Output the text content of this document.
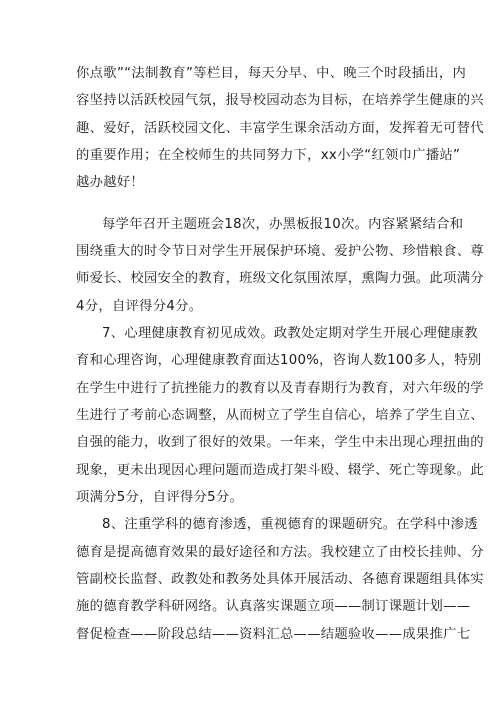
你点歌”“法制教育”等栏目，每天分早、中、晚三个时段插出，内
容坚持以活跃校园气氛，报导校园动态为目标，在培养学生健康的兴
趣、爱好，活跃校园文化、丰富学生课余活动方面，发挥着无可替代
的重要作用；在全校师生的共同努力下，xx小学“红领巾广播站”
越办越好！
每学年召开主题班会18次，办黑板报10次。内容紧紧结合和
围绕重大的时令节日对学生开展保护环境、爱护公物、珍惜粮食、尊
师爱长、校园安全的教育，班级文化氛围浓厚，熏陶力强。此项满分
4分，自评得分4分。
7、心理健康教育初见成效。政教处定期对学生开展心理健康教
育和心理咨询，心理健康教育面达100%，咨询人数100多人，特别
在学生中进行了抗挫能力的教育以及青春期行为教育，对六年级的学
生进行了考前心态调整，从而树立了学生自信心，培养了学生自立、
自强的能力，收到了很好的效果。一年来，学生中未出现心理扭曲的
现象，更未出现因心理问题而造成打架斗殴、辍学、死亡等现象。此
项满分5分，自评得分5分。
8、注重学科的德育渗透，重视德育的课题研究。在学科中渗透
德育是提高德育效果的最好途径和方法。我校建立了由校长挂帅、分
管副校长监督、政教处和教务处具体开展活动、各德育课题组具体实
施的德育教学科研网络。认真落实课题立项——制订课题计划——
督促检查——阶段总结——资料汇总——结题验收——成果推广七
